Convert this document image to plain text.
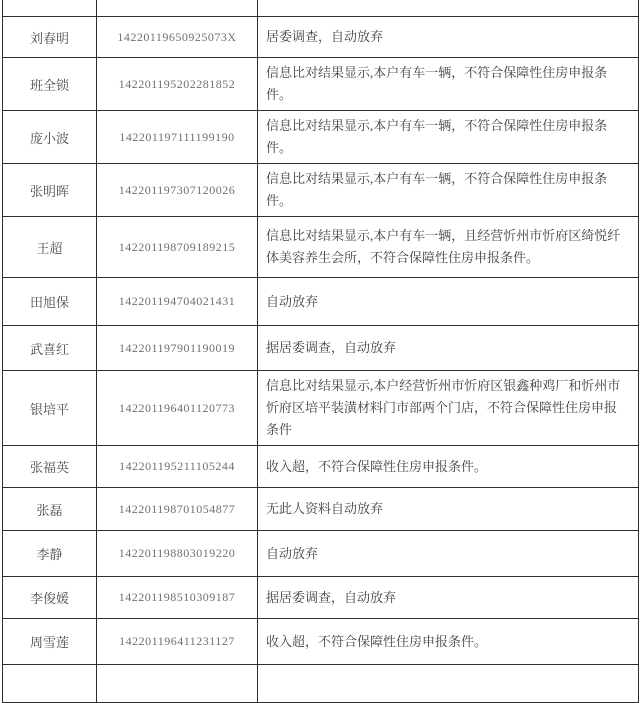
刘春明	14220119650925073X	居委调查，自动放弃
班全锁	142201195202281852	信息比对结果显示,本户有车一辆，不符合保障性住房申报条件。
庞小波	142201197111199190	信息比对结果显示,本户有车一辆，不符合保障性住房申报条件。
张明晖	142201197307120026	信息比对结果显示,本户有车一辆，不符合保障性住房申报条件。
王超	142201198709189215	信息比对结果显示,本户有车一辆，且经营忻州市忻府区绮悦纤体美容养生会所，不符合保障性住房申报条件。
田旭保	142201194704021431	自动放弃
武喜红	142201197901190019	据居委调查，自动放弃
银培平	142201196401120773	信息比对结果显示,本户经营忻州市忻府区银鑫种鸡厂和忻州市忻府区培平装潢材料门市部两个门店，不符合保障性住房申报条件
张福英	142201195211105244	收入超，不符合保障性住房申报条件。
张磊	142201198701054877	无此人资料自动放弃
李静	142201198803019220	自动放弃
李俊媛	142201198510309187	据居委调查，自动放弃
周雪莲	142201196411231127	收入超，不符合保障性住房申报条件。
